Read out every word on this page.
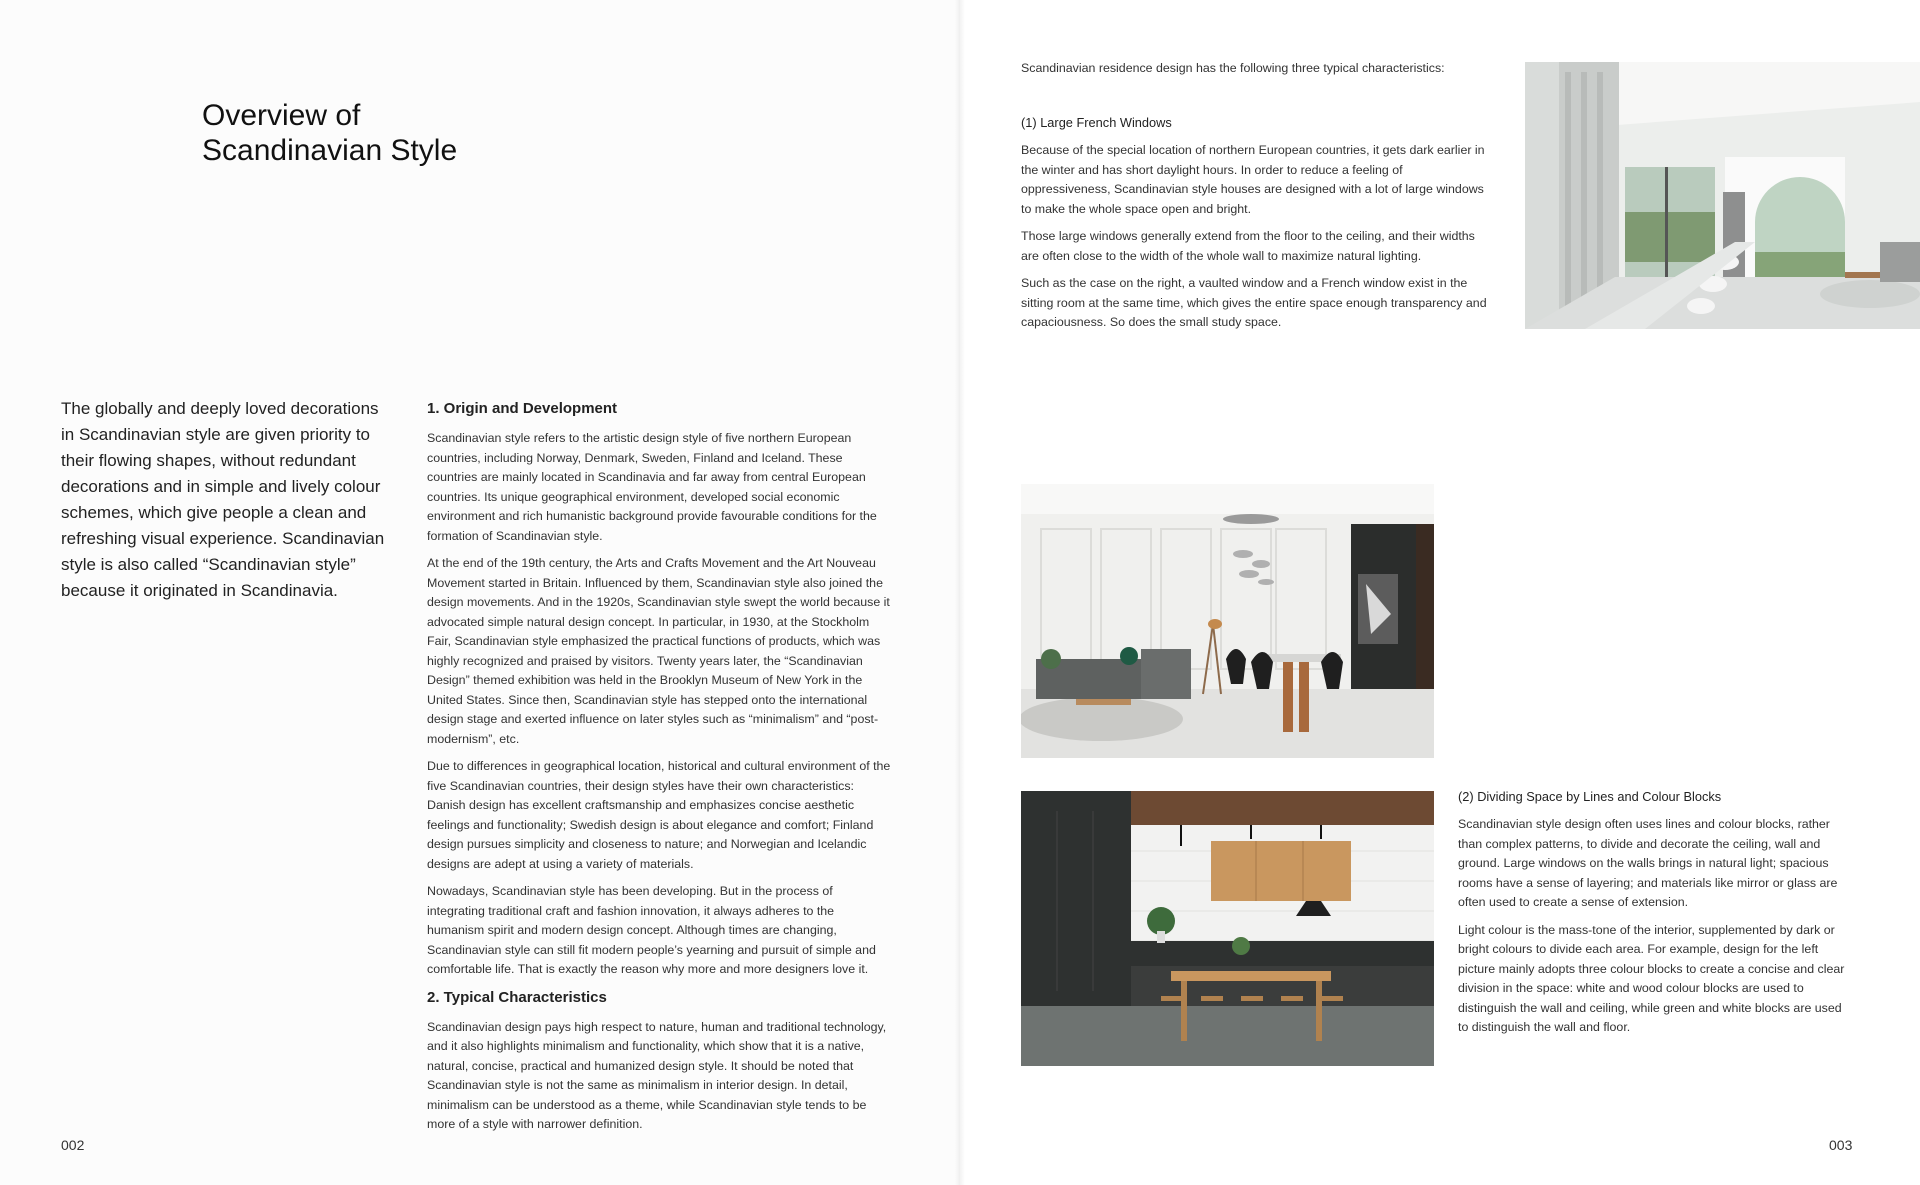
Overview of
Scandinavian Style
The globally and deeply loved decorations in Scandinavian style are given priority to their flowing shapes, without redundant decorations and in simple and lively colour schemes, which give people a clean and refreshing visual experience. Scandinavian style is also called “Scandinavian style” because it originated in Scandinavia.
1. Origin and Development

Scandinavian style refers to the artistic design style of five northern European countries, including Norway, Denmark, Sweden, Finland and Iceland. These countries are mainly located in Scandinavia and far away from central European countries. Its unique geographical environment, developed social economic environment and rich humanistic background provide favourable conditions for the formation of Scandinavian style.

At the end of the 19th century, the Arts and Crafts Movement and the Art Nouveau Movement started in Britain. Influenced by them, Scandinavian style also joined the design movements. And in the 1920s, Scandinavian style swept the world because it advocated simple natural design concept. In particular, in 1930, at the Stockholm Fair, Scandinavian style emphasized the practical functions of products, which was highly recognized and praised by visitors. Twenty years later, the “Scandinavian Design” themed exhibition was held in the Brooklyn Museum of New York in the United States. Since then, Scandinavian style has stepped onto the international design stage and exerted influence on later styles such as “minimalism” and “post-modernism”, etc.

Due to differences in geographical location, historical and cultural environment of the five Scandinavian countries, their design styles have their own characteristics: Danish design has excellent craftsmanship and emphasizes concise aesthetic feelings and functionality; Swedish design is about elegance and comfort; Finland design pursues simplicity and closeness to nature; and Norwegian and Icelandic designs are adept at using a variety of materials.

Nowadays, Scandinavian style has been developing. But in the process of integrating traditional craft and fashion innovation, it always adheres to the humanism spirit and modern design concept. Although times are changing, Scandinavian style can still fit modern people’s yearning and pursuit of simple and comfortable life. That is exactly the reason why more and more designers love it.

2. Typical Characteristics

Scandinavian design pays high respect to nature, human and traditional technology, and it also highlights minimalism and functionality, which show that it is a native, natural, concise, practical and humanized design style. It should be noted that Scandinavian style is not the same as minimalism in interior design. In detail, minimalism can be understood as a theme, while Scandinavian style tends to be more of a style with narrower definition.

002
Scandinavian residence design has the following three typical characteristics:
(1) Large French Windows

Because of the special location of northern European countries, it gets dark earlier in the winter and has short daylight hours. In order to reduce a feeling of oppressiveness, Scandinavian style houses are designed with a lot of large windows to make the whole space open and bright.

Those large windows generally extend from the floor to the ceiling, and their widths are often close to the width of the whole wall to maximize natural lighting.

Such as the case on the right, a vaulted window and a French window exist in the sitting room at the same time, which gives the entire space enough transparency and capaciousness. So does the small study space.

(2) Dividing Space by Lines and Colour Blocks

Scandinavian style design often uses lines and colour blocks, rather than complex patterns, to divide and decorate the ceiling, wall and ground. Large windows on the walls brings in natural light; spacious rooms have a sense of layering; and materials like mirror or glass are often used to create a sense of extension.

Light colour is the mass-tone of the interior, supplemented by dark or bright colours to divide each area. For example, design for the left picture mainly adopts three colour blocks to create a concise and clear division in the space: white and wood colour blocks are used to distinguish the wall and ceiling, while green and white blocks are used to distinguish the wall and floor.

003
